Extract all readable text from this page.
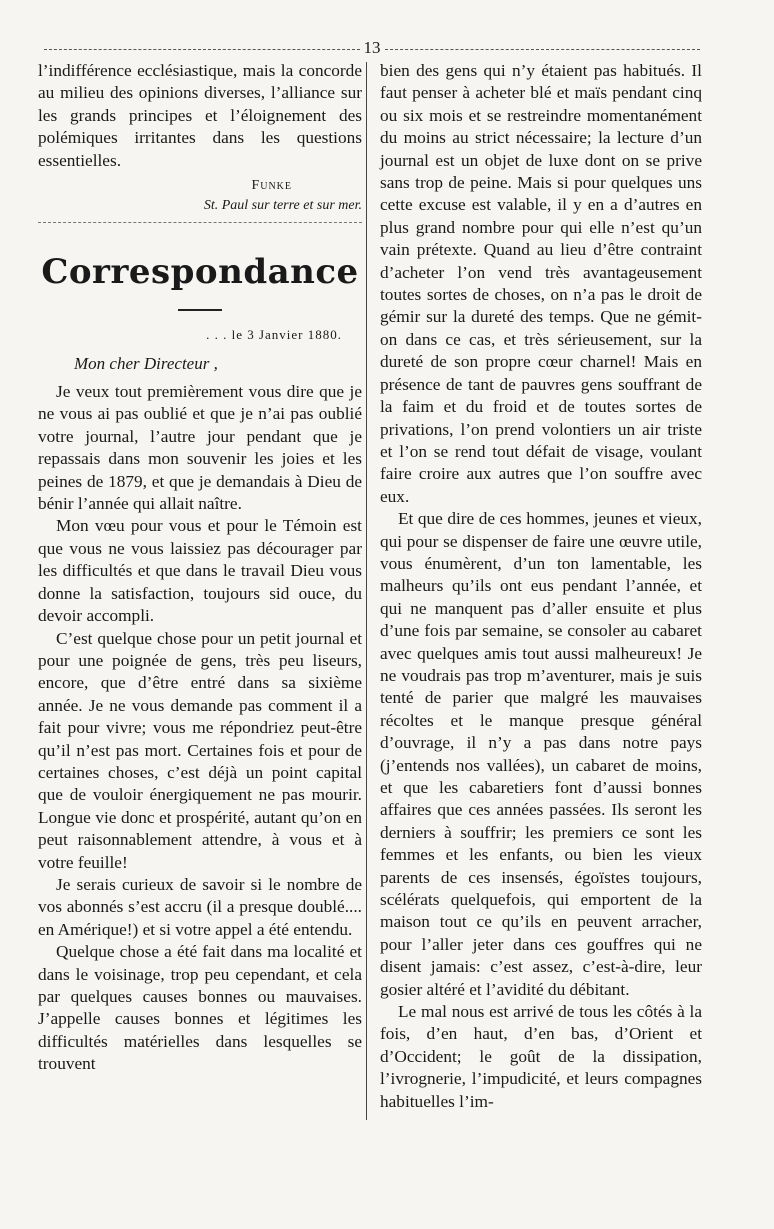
13

l’indifférence ecclésiastique, mais la concorde au milieu des opinions diverses, l’alliance sur les grands principes et l’éloignement des polémiques irritantes dans les questions essentielles.

Funke
St. Paul sur terre et sur mer.
Correspondance
. . . le 3 Janvier 1880.
Mon cher Directeur ,

Je veux tout premièrement vous dire que je ne vous ai pas oublié et que je n’ai pas oublié votre journal, l’autre jour pendant que je repassais dans mon souvenir les joies et les peines de 1879, et que je demandais à Dieu de bénir l’année qui allait naître.

Mon vœu pour vous et pour le Témoin est que vous ne vous laissiez pas décourager par les difficultés et que dans le travail Dieu vous donne la satisfaction, toujours sid ouce, du devoir accompli.

C’est quelque chose pour un petit journal et pour une poignée de gens, très peu liseurs, encore, que d’être entré dans sa sixième année. Je ne vous demande pas comment il a fait pour vivre; vous me répondriez peut-être qu’il n’est pas mort. Certaines fois et pour de certaines choses, c’est déjà un point capital que de vouloir énergiquement ne pas mourir. Longue vie donc et prospérité, autant qu’on en peut raisonnablement attendre, à vous et à votre feuille!

Je serais curieux de savoir si le nombre de vos abonnés s’est accru (il a presque doublé.... en Amérique!) et si votre appel a été entendu.

Quelque chose a été fait dans ma localité et dans le voisinage, trop peu cependant, et cela par quelques causes bonnes ou mauvaises. J’appelle causes bonnes et légitimes les difficultés matérielles dans lesquelles se trouvent

bien des gens qui n’y étaient pas habitués. Il faut penser à acheter blé et maïs pendant cinq ou six mois et se restreindre momentanément du moins au strict nécessaire; la lecture d’un journal est un objet de luxe dont on se prive sans trop de peine. Mais si pour quelques uns cette excuse est valable, il y en a d’autres en plus grand nombre pour qui elle n’est qu’un vain prétexte. Quand au lieu d’être contraint d’acheter l’on vend très avantageusement toutes sortes de choses, on n’a pas le droit de gémir sur la dureté des temps. Que ne gémit-on dans ce cas, et très sérieusement, sur la dureté de son propre cœur charnel! Mais en présence de tant de pauvres gens souffrant de la faim et du froid et de toutes sortes de privations, l’on prend volontiers un air triste et l’on se rend tout défait de visage, voulant faire croire aux autres que l’on souffre avec eux.

Et que dire de ces hommes, jeunes et vieux, qui pour se dispenser de faire une œuvre utile, vous énumèrent, d’un ton lamentable, les malheurs qu’ils ont eus pendant l’année, et qui ne manquent pas d’aller ensuite et plus d’une fois par semaine, se consoler au cabaret avec quelques amis tout aussi malheureux! Je ne voudrais pas trop m’aventurer, mais je suis tenté de parier que malgré les mauvaises récoltes et le manque presque général d’ouvrage, il n’y a pas dans notre pays (j’entends nos vallées), un cabaret de moins, et que les cabaretiers font d’aussi bonnes affaires que ces années passées. Ils seront les derniers à souffrir; les premiers ce sont les femmes et les enfants, ou bien les vieux parents de ces insensés, égoïstes toujours, scélérats quelquefois, qui emportent de la maison tout ce qu’ils en peuvent arracher, pour l’aller jeter dans ces gouffres qui ne disent jamais: c’est assez, c’est-à-dire, leur gosier altéré et l’avidité du débitant.

Le mal nous est arrivé de tous les côtés à la fois, d’en haut, d’en bas, d’Orient et d’Occident; le goût de la dissipation, l’ivrognerie, l’impudicité, et leurs compagnes habituelles l’im-
